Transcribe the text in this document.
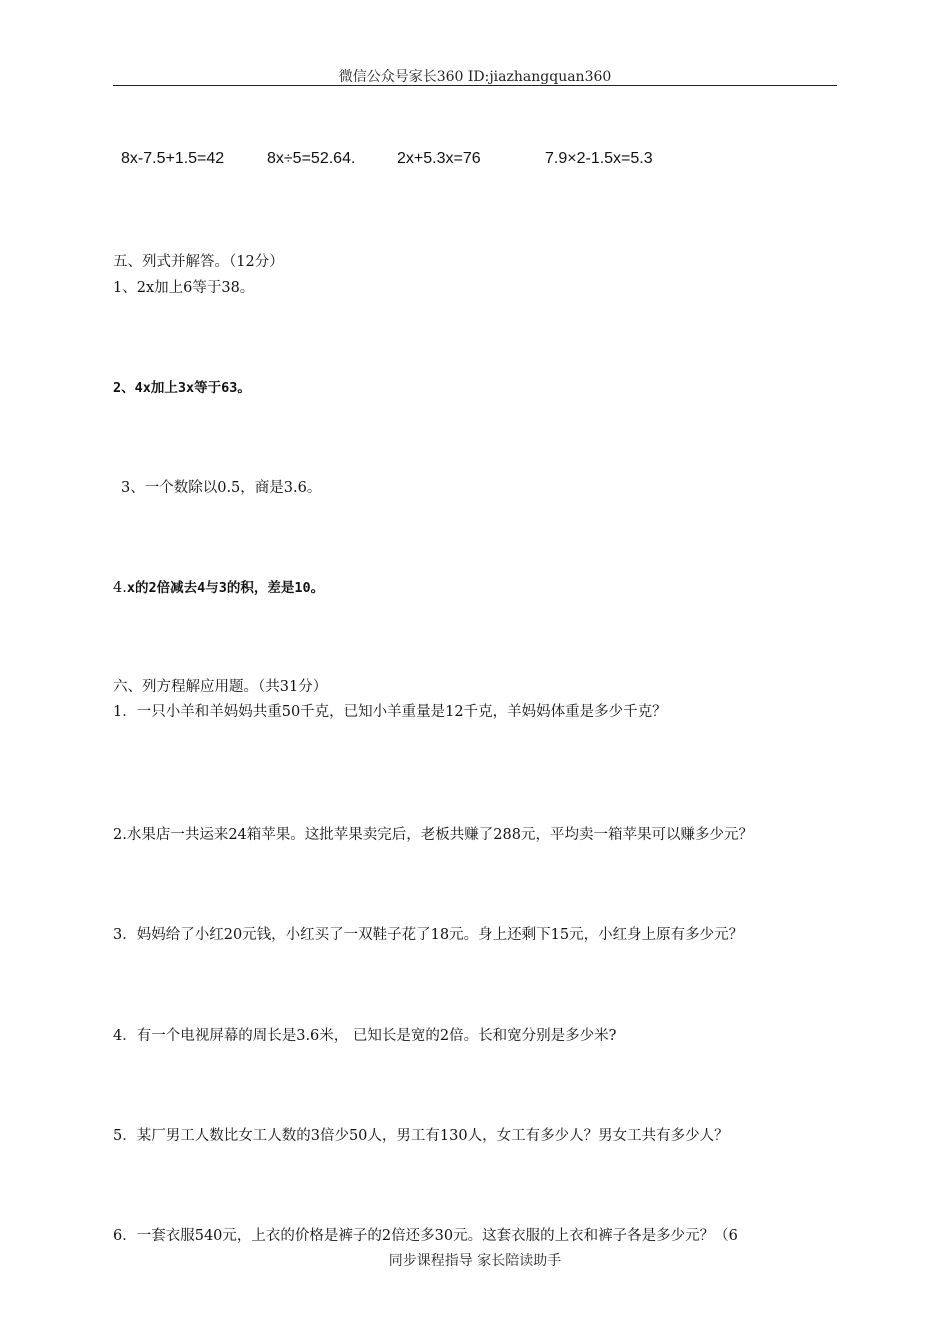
微信公众号家长360 ID:jiazhangquan360
8x-7.5+1.5=42	8x÷5=52.64.	2x+5.3x=76	7.9×2-1.5x=5.3
五、列式并解答。（12分）
1、2x加上6等于38。
2、4x加上3x等于63。
3、一个数除以0.5，商是3.6。
4.x的2倍减去4与3的积，差是10。
六、列方程解应用题。（共31分）
1．一只小羊和羊妈妈共重50千克，已知小羊重量是12千克，羊妈妈体重是多少千克？
2.水果店一共运来24箱苹果。这批苹果卖完后，老板共赚了288元，平均卖一箱苹果可以赚多少元？
3．妈妈给了小红20元钱，小红买了一双鞋子花了18元。身上还剩下15元，小红身上原有多少元？
4．有一个电视屏幕的周长是3.6米， 已知长是宽的2倍。长和宽分别是多少米?
5．某厂男工人数比女工人数的3倍少50人，男工有130人，女工有多少人？男女工共有多少人？
6．一套衣服540元，上衣的价格是裤子的2倍还多30元。这套衣服的上衣和裤子各是多少元？（6
同步课程指导 家长陪读助手
